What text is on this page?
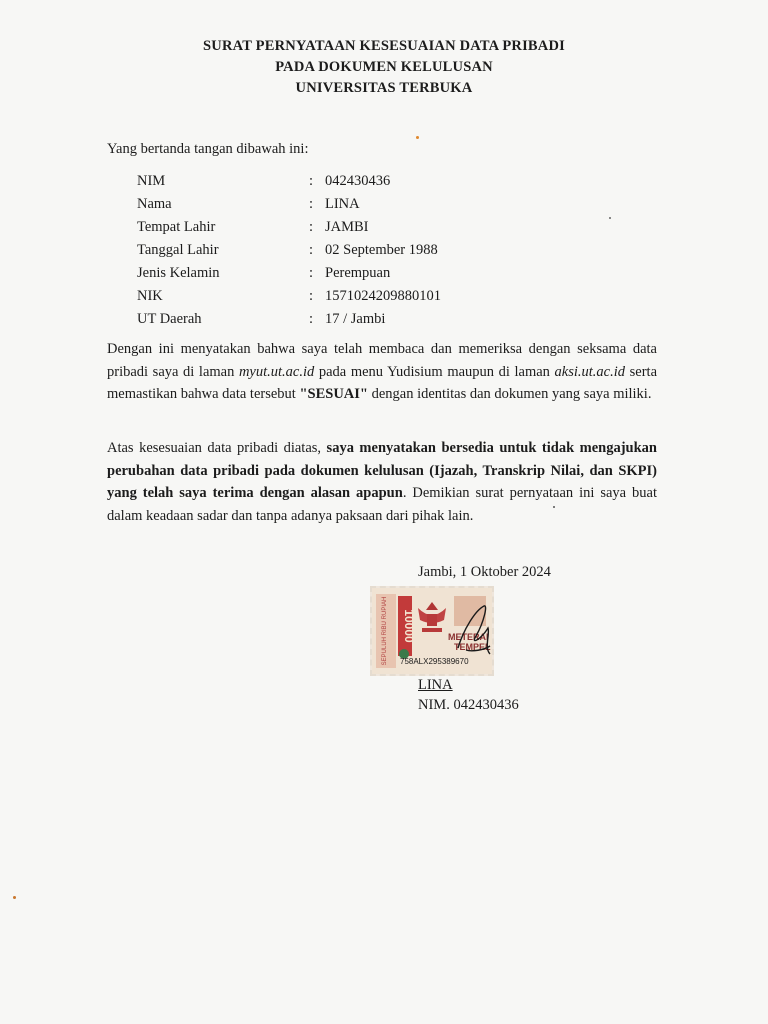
SURAT PERNYATAAN KESESUAIAN DATA PRIBADI
PADA DOKUMEN KELULUSAN
UNIVERSITAS TERBUKA
Yang bertanda tangan dibawah ini:
NIM	: 042430436
Nama	: LINA
Tempat Lahir	: JAMBI
Tanggal Lahir	: 02 September 1988
Jenis Kelamin	: Perempuan
NIK	: 1571024209880101
UT Daerah	: 17 / Jambi
Dengan ini menyatakan bahwa saya telah membaca dan memeriksa dengan seksama data pribadi saya di laman myut.ut.ac.id pada menu Yudisium maupun di laman aksi.ut.ac.id serta memastikan bahwa data tersebut "SESUAI" dengan identitas dan dokumen yang saya miliki.
Atas kesesuaian data pribadi diatas, saya menyatakan bersedia untuk tidak mengajukan perubahan data pribadi pada dokumen kelulusan (Ijazah, Transkrip Nilai, dan SKPI) yang telah saya terima dengan alasan apapun. Demikian surat pernyataan ini saya buat dalam keadaan sadar dan tanpa adanya paksaan dari pihak lain.
Jambi, 1 Oktober 2024
SEPULUH RIBU RUPIAH 10000	METERAI
TEMPEL
758ALX295389670
LINA
NIM. 042430436
